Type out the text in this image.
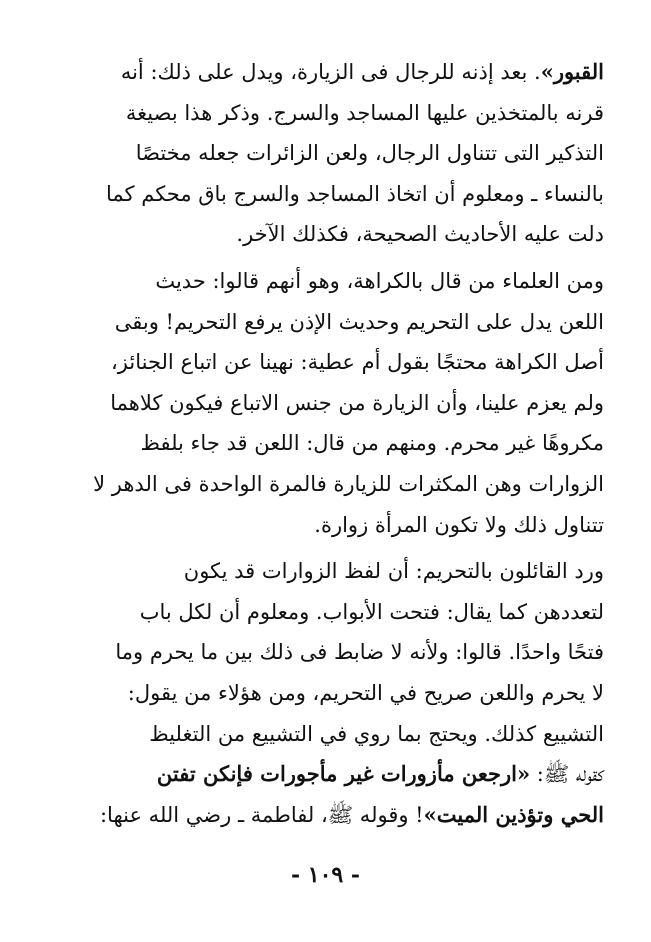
القبور». بعد إذنه للرجال فى الزيارة، ويدل على ذلك: أنه
قرنه بالمتخذين عليها المساجد والسرج. وذكر هذا بصيغة
التذكير التى تتناول الرجال، ولعن الزائرات جعله مختصًا
بالنساء ـ ومعلوم أن اتخاذ المساجد والسرج باق محكم كما
دلت عليه الأحاديث الصحيحة، فكذلك الآخر.
ومن العلماء من قال بالكراهة، وهو أنهم قالوا: حديث
اللعن يدل على التحريم وحديث الإذن يرفع التحريم! وبقى
أصل الكراهة محتجًا بقول أم عطية: نهينا عن اتباع الجنائز،
ولم يعزم علينا، وأن الزيارة من جنس الاتباع فيكون كلاهما
مكروهًا غير محرم. ومنهم من قال: اللعن قد جاء بلفظ
الزوارات وهن المكثرات للزيارة فالمرة الواحدة فى الدهر لا
تتناول ذلك ولا تكون المرأة زوارة.
ورد القائلون بالتحريم: أن لفظ الزوارات قد يكون
لتعددهن كما يقال: فتحت الأبواب. ومعلوم أن لكل باب
فتحًا واحدًا. قالوا: ولأنه لا ضابط فى ذلك بين ما يحرم وما
لا يحرم واللعن صريح في التحريم، ومن هؤلاء من يقول:
التشييع كذلك. ويحتج بما روي في التشييع من التغليظ
كقوله ﷺ: «ارجعن مأزورات غير مأجورات فإنكن تفتن
الحي وتؤذين الميت»! وقوله ﷺ، لفاطمة ـ رضي الله عنها:
- ١٠٩ -
